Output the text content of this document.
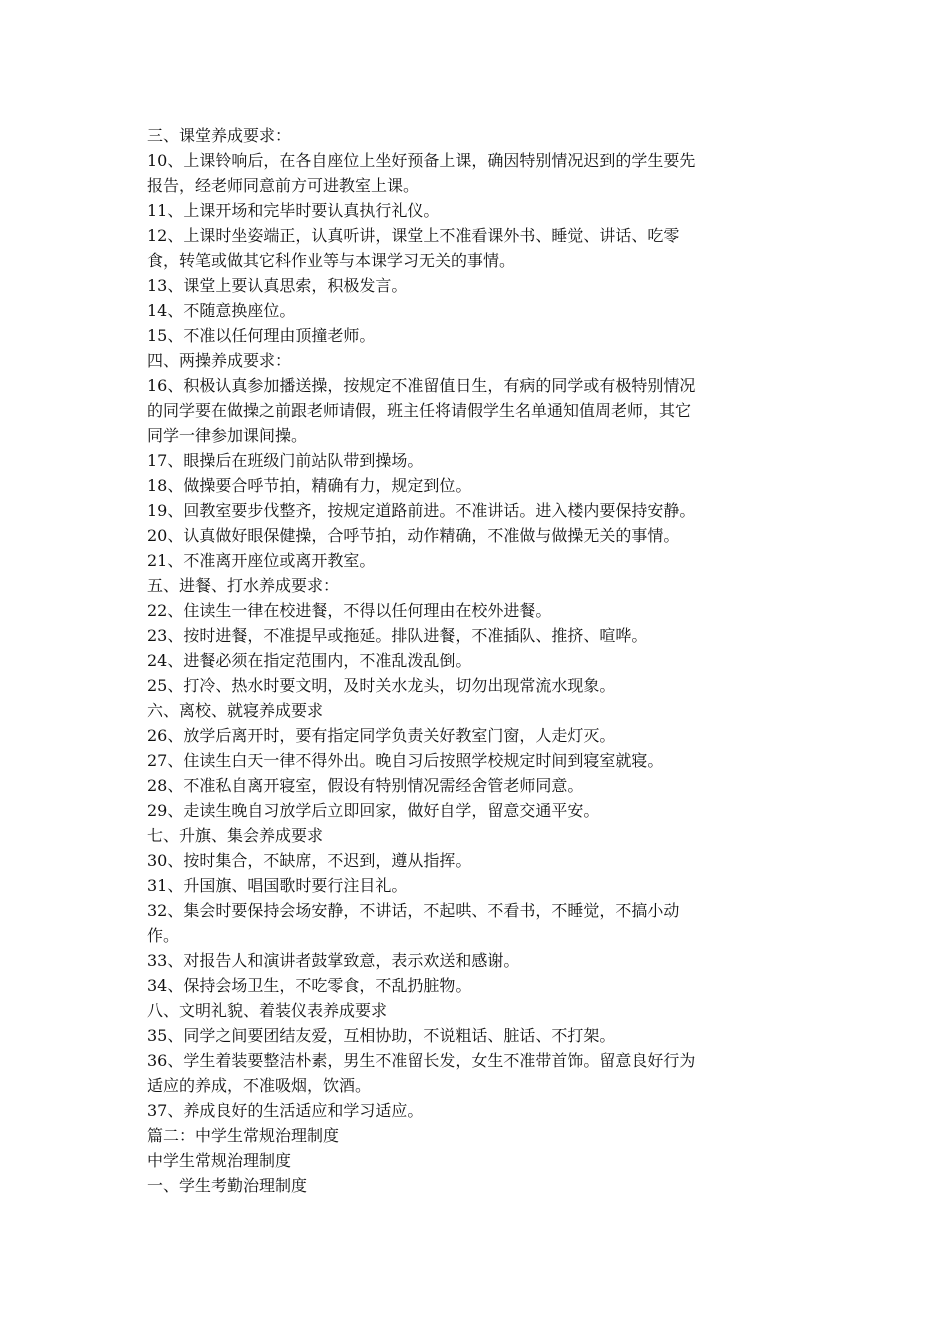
三、课堂养成要求：
10、上课铃响后，在各自座位上坐好预备上课，确因特别情况迟到的学生要先
报告，经老师同意前方可进教室上课。
11、上课开场和完毕时要认真执行礼仪。
12、上课时坐姿端正，认真听讲，课堂上不准看课外书、睡觉、讲话、吃零
食，转笔或做其它科作业等与本课学习无关的事情。
13、课堂上要认真思索，积极发言。
14、不随意换座位。
15、不准以任何理由顶撞老师。
四、两操养成要求：
16、积极认真参加播送操，按规定不准留值日生，有病的同学或有极特别情况
的同学要在做操之前跟老师请假，班主任将请假学生名单通知值周老师，其它
同学一律参加课间操。
17、眼操后在班级门前站队带到操场。
18、做操要合呼节拍，精确有力，规定到位。
19、回教室要步伐整齐，按规定道路前进。不准讲话。进入楼内要保持安静。
20、认真做好眼保健操，合呼节拍，动作精确，不准做与做操无关的事情。
21、不准离开座位或离开教室。
五、进餐、打水养成要求：
22、住读生一律在校进餐，不得以任何理由在校外进餐。
23、按时进餐，不准提早或拖延。排队进餐，不准插队、推挤、喧哗。
24、进餐必须在指定范围内，不准乱泼乱倒。
25、打冷、热水时要文明，及时关水龙头，切勿出现常流水现象。
六、离校、就寝养成要求
26、放学后离开时，要有指定同学负责关好教室门窗，人走灯灭。
27、住读生白天一律不得外出。晚自习后按照学校规定时间到寝室就寝。
28、不准私自离开寝室，假设有特别情况需经舍管老师同意。
29、走读生晚自习放学后立即回家，做好自学，留意交通平安。
七、升旗、集会养成要求
30、按时集合，不缺席，不迟到，遵从指挥。
31、升国旗、唱国歌时要行注目礼。
32、集会时要保持会场安静，不讲话，不起哄、不看书，不睡觉，不搞小动
作。
33、对报告人和演讲者鼓掌致意，表示欢送和感谢。
34、保持会场卫生，不吃零食，不乱扔脏物。
八、文明礼貌、着装仪表养成要求
35、同学之间要团结友爱，互相协助，不说粗话、脏话、不打架。
36、学生着装要整洁朴素，男生不准留长发，女生不准带首饰。留意良好行为
适应的养成，不准吸烟，饮酒。
37、养成良好的生活适应和学习适应。
篇二：中学生常规治理制度
中学生常规治理制度
一、学生考勤治理制度
